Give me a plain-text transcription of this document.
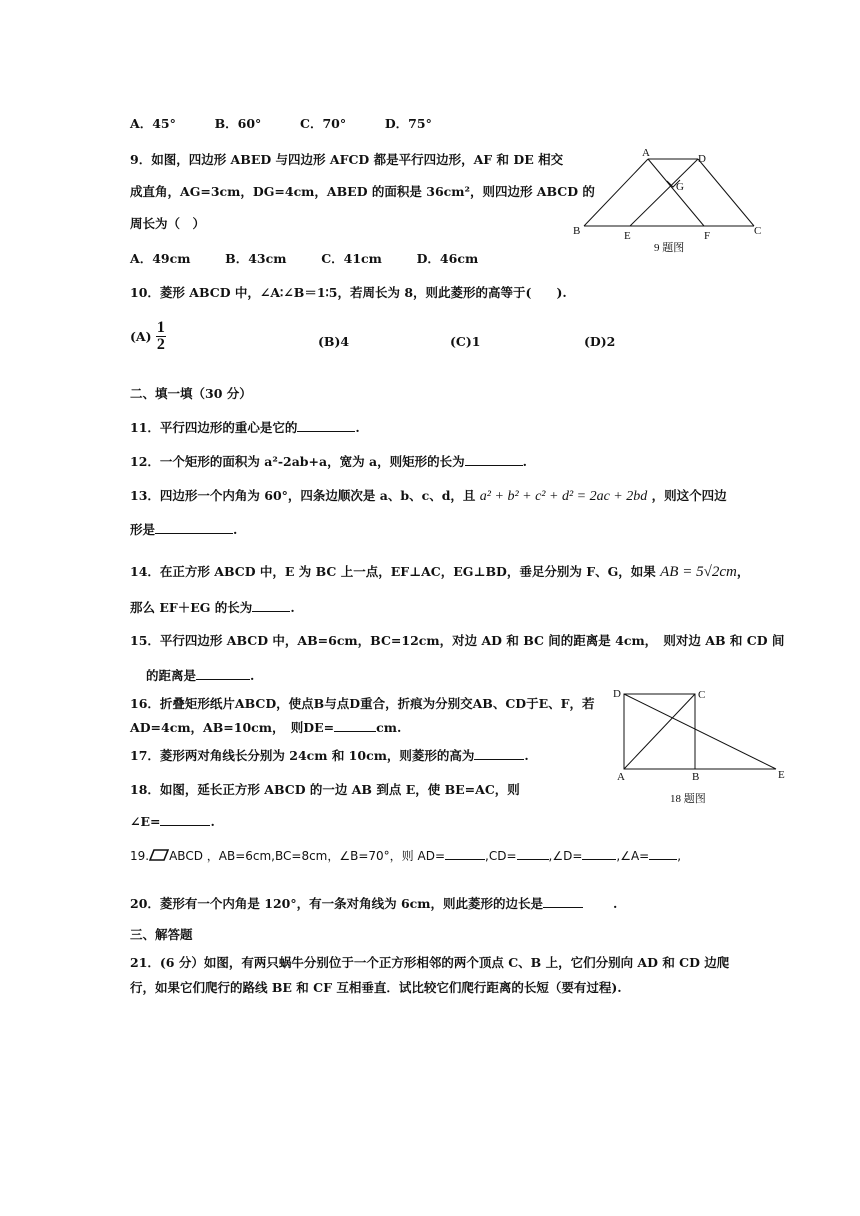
A．45°	B．60°	C．70°	D．75°
9．如图，四边形 ABED 与四边形 AFCD 都是平行四边形，AF 和 DE 相交
成直角，AG=3cm，DG=4cm，ABED 的面积是 36cm²，则四边形 ABCD 的
周长为（　）
A．49cm	B．43cm	C．41cm	D．46cm
A	D
G
B	E	F	C
9 题图
10．菱形 ABCD 中，∠A∶∠B＝1∶5，若周长为 8，则此菱形的高等于(　　).
$(A) \frac{1}{2}$	(B)4	(C)1	(D)2
二、填一填（30 分）
11．平行四边形的重心是它的	.
12．一个矩形的面积为 a²-2ab+a，宽为 a，则矩形的长为	.
13．四边形一个内角为 60°，四条边顺次是 a、b、c、d，且 a² + b² + c² + d² = 2ac + 2bd ，则这个四边
形是	.
14．在正方形 ABCD 中，E 为 BC 上一点，EF⊥AC，EG⊥BD，垂足分别为 F、G，如果 AB = 5√2cm，
那么 EF＋EG 的长为	.
15．平行四边形 ABCD 中，AB=6cm，BC=12cm，对边 AD 和 BC 间的距离是 4cm，　则对边 AB 和 CD 间
的距离是	.
16．折叠矩形纸片ABCD，使点B与点D重合，折痕为分别交AB、CD于E、F，若
AD=4cm，AB=10cm，　则DE=	cm.
17．菱形两对角线长分别为 24cm 和 10cm，则菱形的高为	.
18．如图，延长正方形 ABCD 的一边 AB 到点 E，使 BE=AC，则
∠E=	.
D	C
A	B	E
18 题图
19. ABCD ，AB=6cm,BC=8cm，∠B=70°，则 AD=	,CD=	,∠D=	,∠A= ,
20．菱形有一个内角是 120°，有一条对角线为 6cm，则此菱形的边长是	.
三、解答题
21．(6 分）如图，有两只蜗牛分别位于一个正方形相邻的两个顶点 C、B 上，它们分别向 AD 和 CD 边爬
行，如果它们爬行的路线 BE 和 CF 互相垂直．试比较它们爬行距离的长短（要有过程).
